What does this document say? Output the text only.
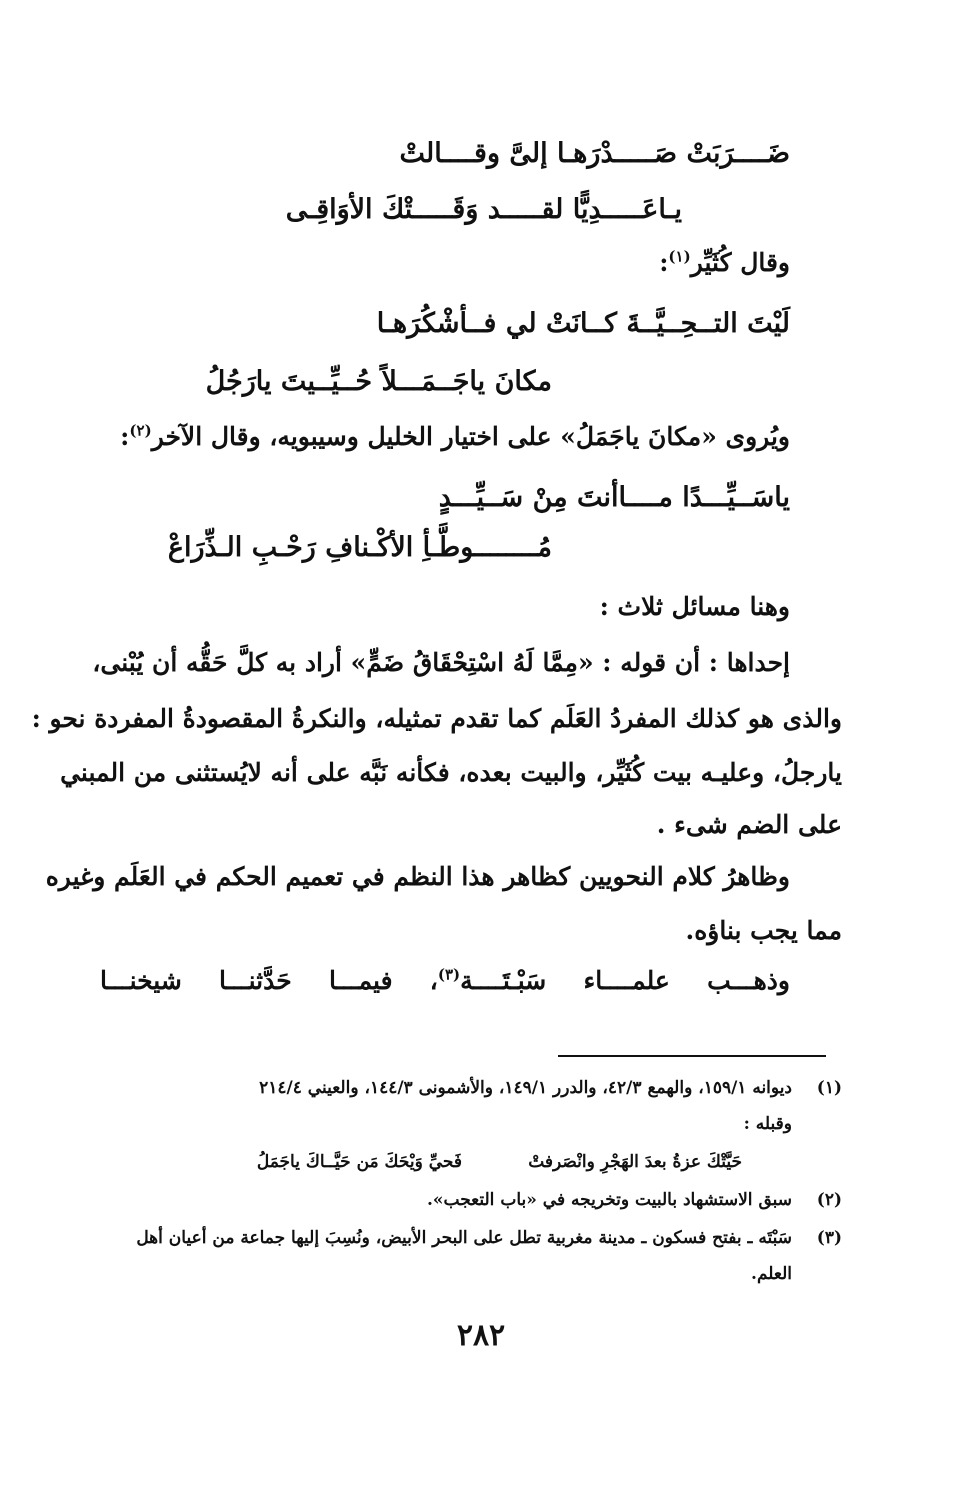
ضَــــرَبَتْ صَـــــدْرَهـا إلىَّ وقــــالتْ
يـاعَـــــدِيًّا لقـــــد وَقَـــــتْكَ الأوَاقِـى
وقال كُثَيِّر$^{(١)}$:
لَيْتَ التــحِــيَّــةَ كــانَتْ لي فــأشْكُرَهـا
مكانَ ياجَــمَـــلاً حُــيِّــيتَ يارَجُلُ
ويُروى «مكانَ ياجَمَلُ» على اختيار الخليل وسيبويه، وقال الآخر$^{(٢)}$:
ياسَــيِّـــدًا مــــاأنتَ مِنْ سَــيِّـــدٍ
مُــــــــوطَّـأِ الأكْـنافِ رَحْـبِ الـذِّرَاعْ
وهنا مسائل ثلاث :
إحداها : أن قوله : «مِمَّا لَهُ اسْتِحْقَاقُ ضَمٍّ» أراد به كلَّ حَقُّه أن يُبْنى،
والذى هو كذلك المفردُ العَلَم كما تقدم تمثيله، والنكرةُ المقصودةُ المفردة نحو :
يارجلُ، وعليـه بيت كُثَيِّر، والبيت بعده، فكأنه نَبَّه على أنه لايُستثنى من المبني
على الضم شىء .
وظاهرُ كلام النحويين كظاهر هذا النظم في تعميم الحكم في العَلَم وغيره
مما يجب بناؤه.
وذهـــب علمــــاء سَبْـتَــــة$^{(٣)}$، فيمـــا حَدَّثنـــا شيخنـــا
(١)
ديوانه ١٥٩/١، والهمع ٤٢/٣، والدرر ١٤٩/١، والأشمونى ١٤٤/٣، والعيني ٢١٤/٤
وقبله :
حَيَّتْكَ عزةُ بعدَ الهَجْرِ وانْصَرفتْ
فَحيِّ وَيْحَكَ مَن حَيَّــاكَ ياجَمَلُ
(٢)
سبق الاستشهاد بالبيت وتخريجه في «باب التعجب».
(٣)
سَبْتَه ـ بفتح فسكون ـ مدينة مغربية تطل على البحر الأبيض، ونُسِبَ إليها جماعة من أعيان أهل
العلم.
٢٨٢
